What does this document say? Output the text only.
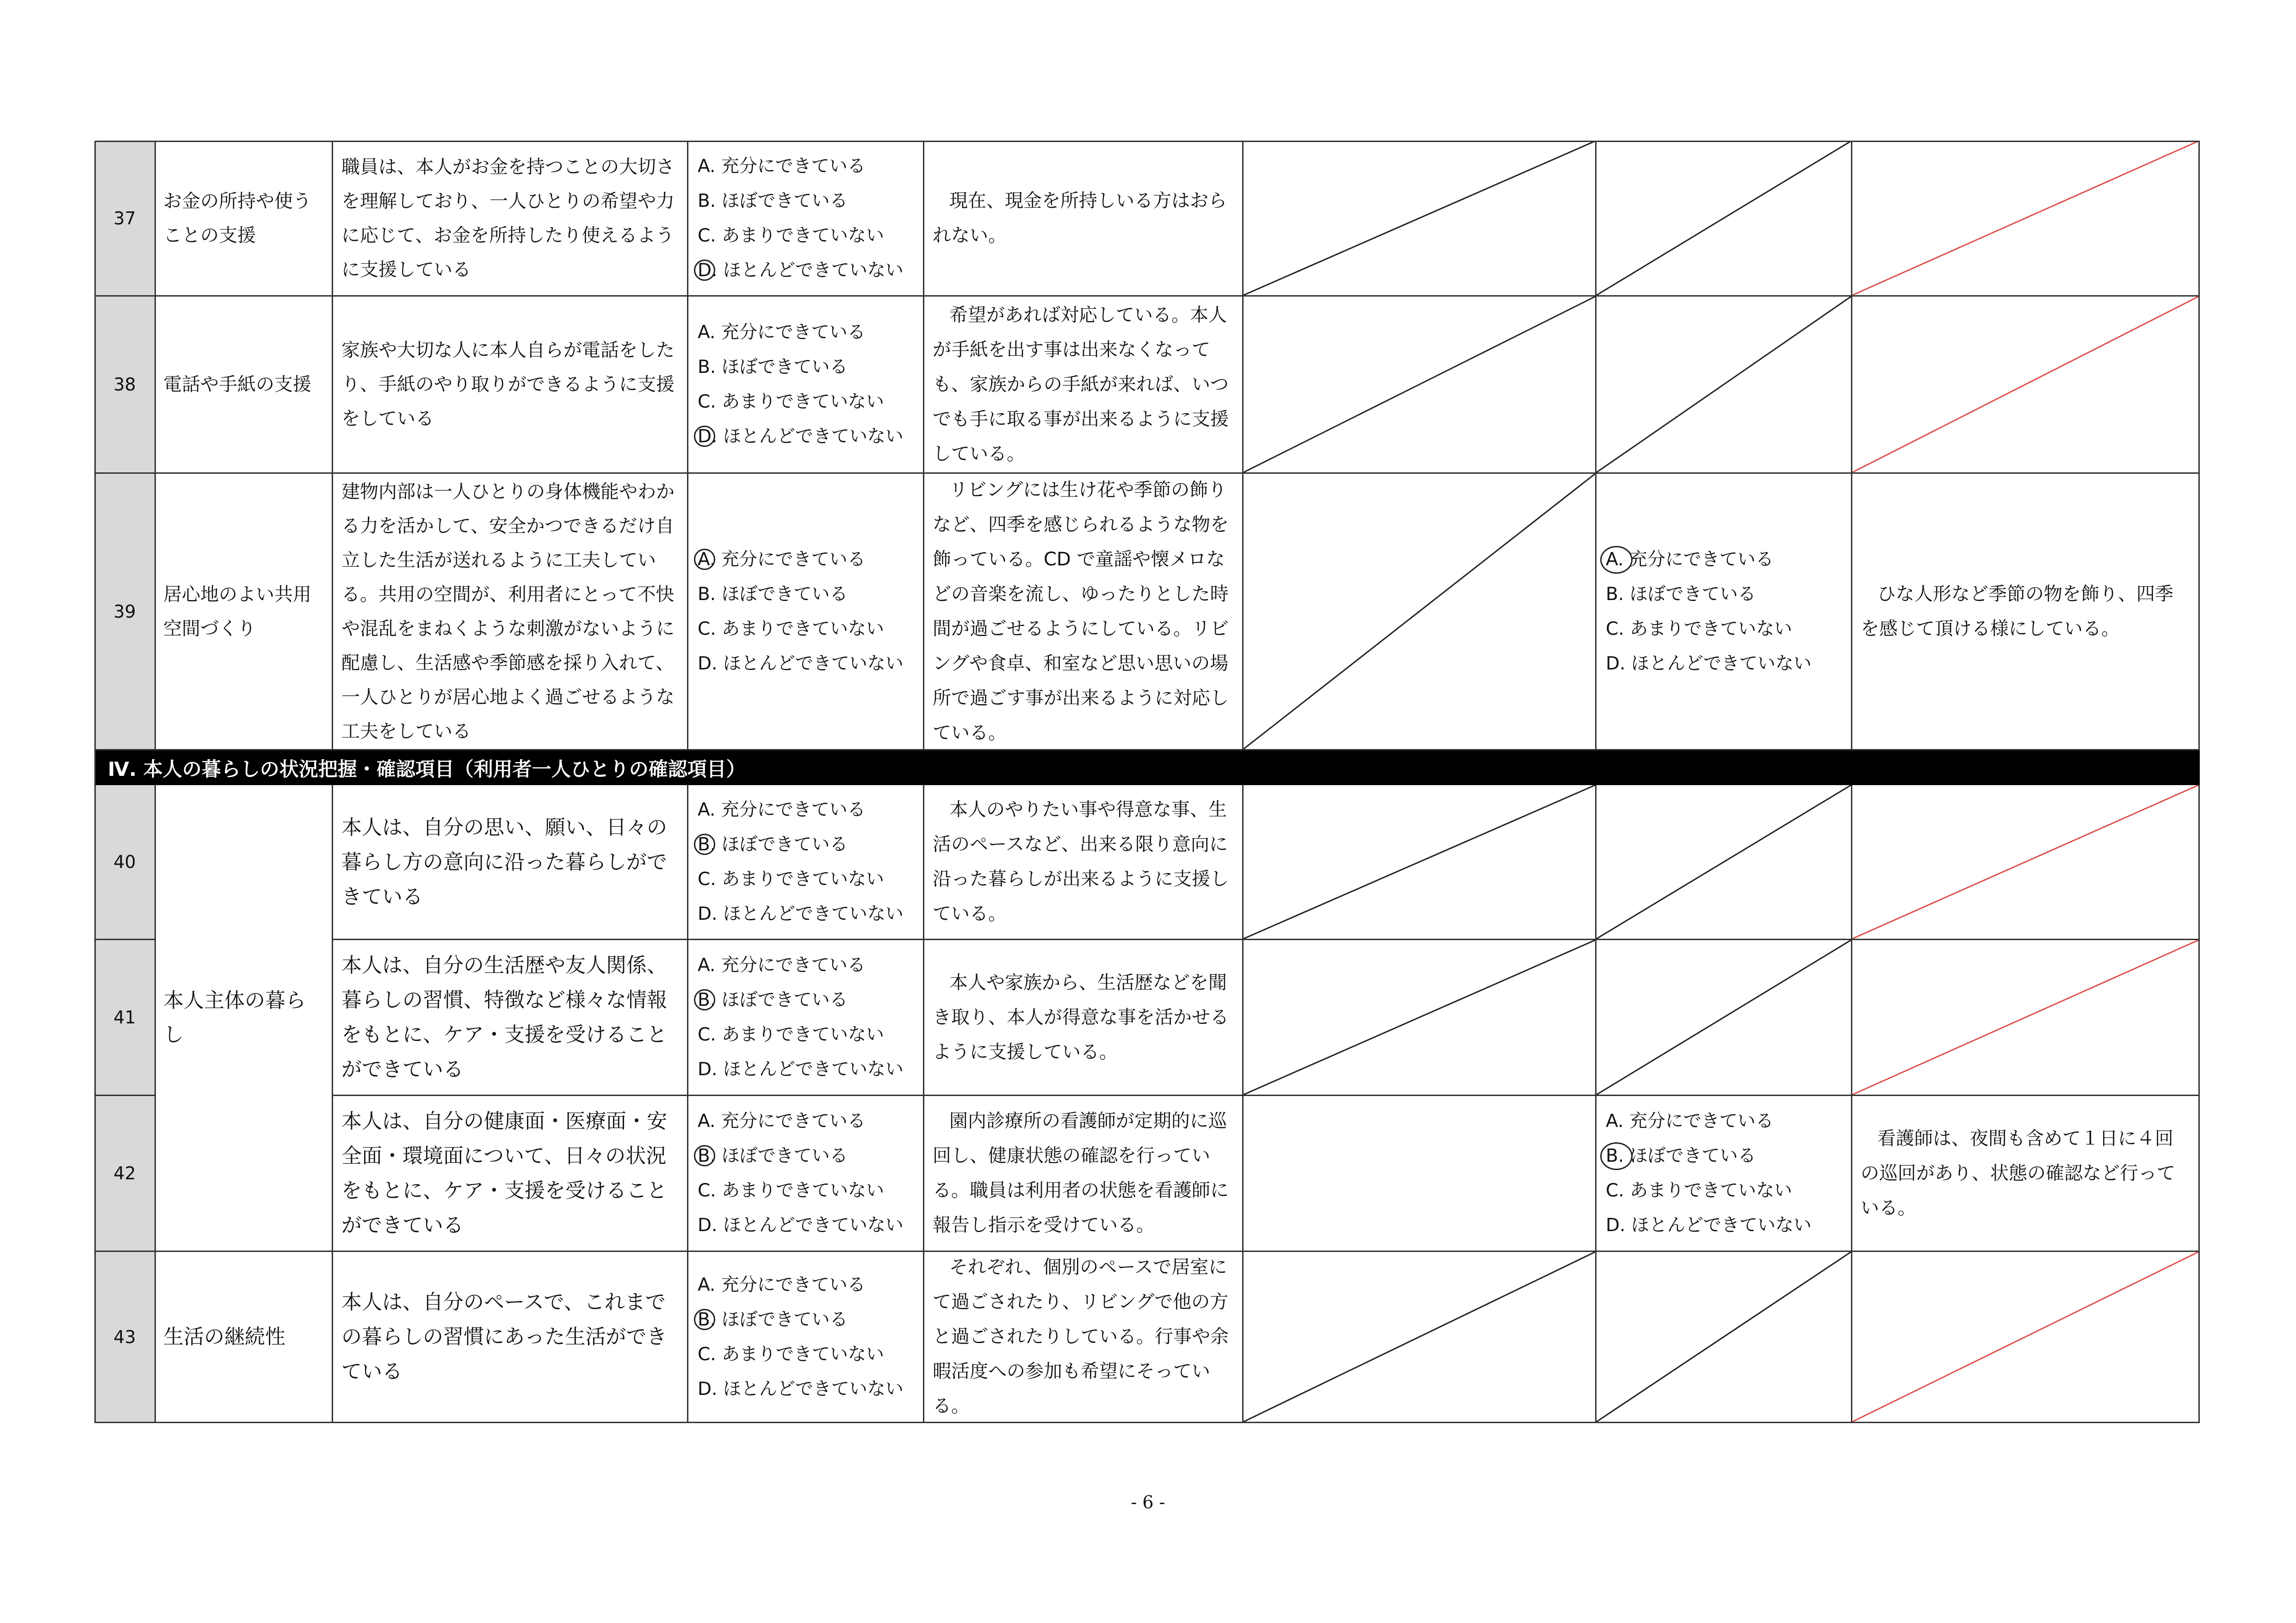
37
お金の所持や使うことの支援
職員は、本人がお金を持つことの大切さを理解しており、一人ひとりの希望や力に応じて、お金を所持したり使えるように支援している
A. 充分にできている
B. ほぼできている
C. あまりできていない
D. ほとんどできていない
現在、現金を所持しいる方はおられない。
38	電話や手紙の支援
家族や大切な人に本人自らが電話をしたり、手紙のやり取りができるように支援をしている
A. 充分にできている
B. ほぼできている
C. あまりできていない
D. ほとんどできていない
希望があれば対応している。本人が手紙を出す事は出来なくなっても、家族からの手紙が来れば、いつでも手に取る事が出来るように支援している。
39
居心地のよい共用空間づくり
建物内部は一人ひとりの身体機能やわかる力を活かして、安全かつできるだけ自立した生活が送れるように工夫している。共用の空間が、利用者にとって不快や混乱をまねくような刺激がないように配慮し、生活感や季節感を採り入れて、一人ひとりが居心地よく過ごせるような工夫をしている
A. 充分にできている
B. ほぼできている
C. あまりできていない
D. ほとんどできていない
リビングには生け花や季節の飾りなど、四季を感じられるような物を飾っている。CD で童謡や懐メロなどの音楽を流し、ゆったりとした時間が過ごせるようにしている。リビングや食卓、和室など思い思いの場所で過ごす事が出来るように対応している。
A. 充分にできている
B. ほぼできている
C. あまりできていない
D. ほとんどできていない
ひな人形など季節の物を飾り、四季を感じて頂ける様にしている。
Ⅳ. 本人の暮らしの状況把握・確認項目（利用者一人ひとりの確認項目）
40
本人主体の暮らし
本人は、自分の思い、願い、日々の暮らし方の意向に沿った暮らしができている
A. 充分にできている
B. ほぼできている
C. あまりできていない
D. ほとんどできていない
本人のやりたい事や得意な事、生活のペースなど、出来る限り意向に沿った暮らしが出来るように支援している。
41
本人は、自分の生活歴や友人関係、暮らしの習慣、特徴など様々な情報をもとに、ケア・支援を受けることができている
A. 充分にできている
B. ほぼできている
C. あまりできていない
D. ほとんどできていない
本人や家族から、生活歴などを聞き取り、本人が得意な事を活かせるように支援している。
42
本人は、自分の健康面・医療面・安全面・環境面について、日々の状況をもとに、ケア・支援を受けることができている
A. 充分にできている
B. ほぼできている
C. あまりできていない
D. ほとんどできていない
園内診療所の看護師が定期的に巡回し、健康状態の確認を行っている。職員は利用者の状態を看護師に報告し指示を受けている。
A. 充分にできている
B. ほぼできている
C. あまりできていない
D. ほとんどできていない
看護師は、夜間も含めて１日に４回の巡回があり、状態の確認など行っている。
43	生活の継続性
本人は、自分のペースで、これまでの暮らしの習慣にあった生活ができている
A. 充分にできている
B. ほぼできている
C. あまりできていない
D. ほとんどできていない
それぞれ、個別のペースで居室にて過ごされたり、リビングで他の方と過ごされたりしている。行事や余暇活度への参加も希望にそっている。
- 6 -
